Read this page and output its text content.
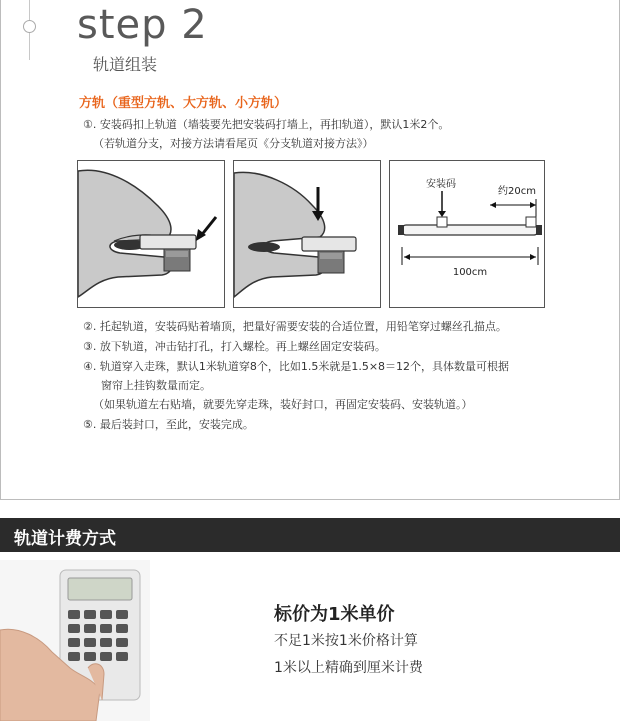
step 2
轨道组装
方轨（重型方轨、大方轨、小方轨）
①. 安装码扣上轨道（墙装要先把安装码打墙上，再扣轨道），默认1米2个。
（若轨道分支，对接方法请看尾页《分支轨道对接方法》）
安装码
约20cm
100cm
②. 托起轨道，安装码贴着墙顶，把量好需要安装的合适位置，用铅笔穿过螺丝孔描点。
③. 放下轨道，冲击钻打孔，打入螺栓。再上螺丝固定安装码。
④. 轨道穿入走珠，默认1米轨道穿8个，比如1.5米就是1.5×8＝12个，具体数量可根据
窗帘上挂钩数量而定。
（如果轨道左右贴墙，就要先穿走珠，装好封口，再固定安装码、安装轨道。）
⑤. 最后装封口，至此，安装完成。
轨道计费方式
标价为1米单价
不足1米按1米价格计算
1米以上精确到厘米计费
